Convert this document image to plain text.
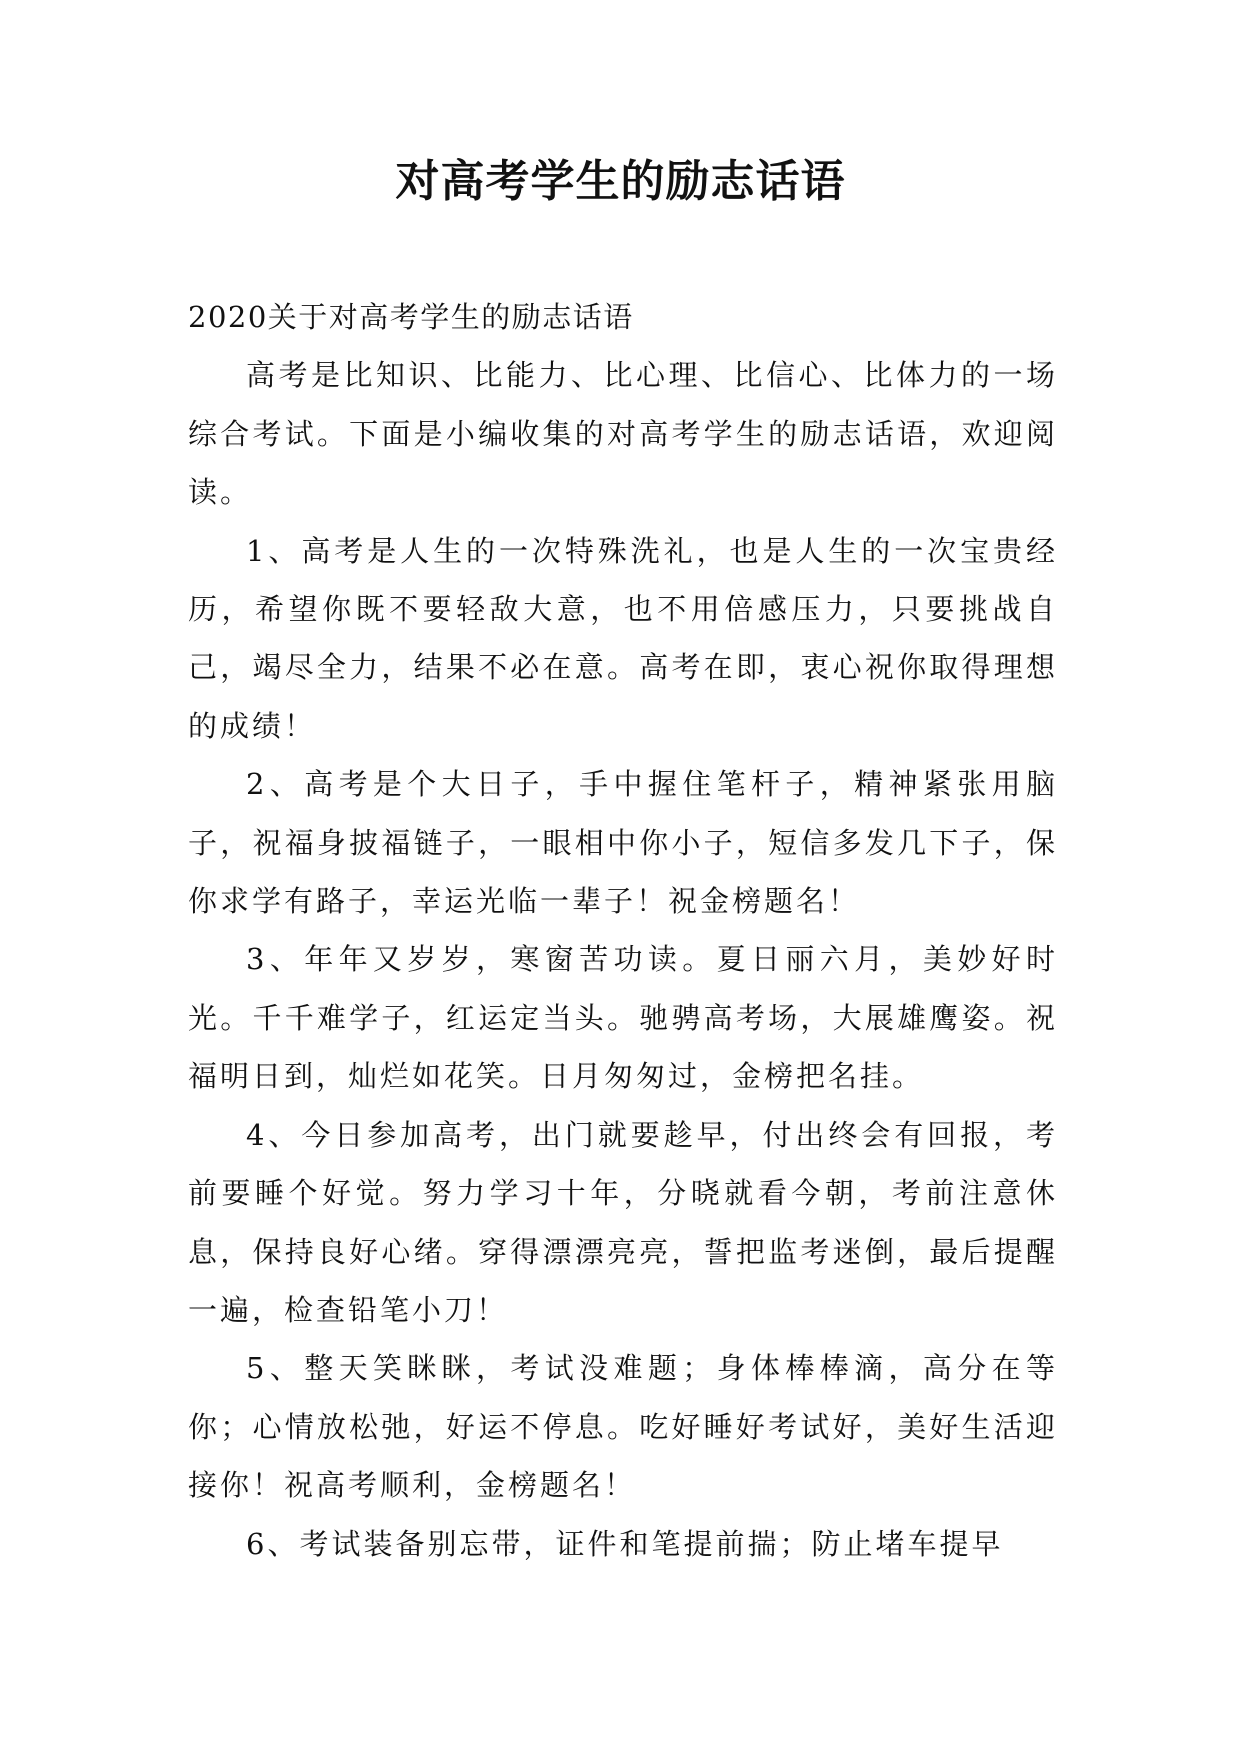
对高考学生的励志话语

2020关于对高考学生的励志话语

高考是比知识、比能力、比心理、比信心、比体力的一场综合考试。下面是小编收集的对高考学生的励志话语，欢迎阅读。

1、高考是人生的一次特殊洗礼，也是人生的一次宝贵经历，希望你既不要轻敌大意，也不用倍感压力，只要挑战自己，竭尽全力，结果不必在意。高考在即，衷心祝你取得理想的成绩！

2、高考是个大日子，手中握住笔杆子，精神紧张用脑子，祝福身披福链子，一眼相中你小子，短信多发几下子，保你求学有路子，幸运光临一辈子！祝金榜题名！

3、年年又岁岁，寒窗苦功读。夏日丽六月，美妙好时光。千千难学子，红运定当头。驰骋高考场，大展雄鹰姿。祝福明日到，灿烂如花笑。日月匆匆过，金榜把名挂。

4、今日参加高考，出门就要趁早，付出终会有回报，考前要睡个好觉。努力学习十年，分晓就看今朝，考前注意休息，保持良好心绪。穿得漂漂亮亮，誓把监考迷倒，最后提醒一遍，检查铅笔小刀！

5、整天笑眯眯，考试没难题；身体棒棒滴，高分在等你；心情放松弛，好运不停息。吃好睡好考试好，美好生活迎接你！祝高考顺利，金榜题名！

6、考试装备别忘带，证件和笔提前揣；防止堵车提早
